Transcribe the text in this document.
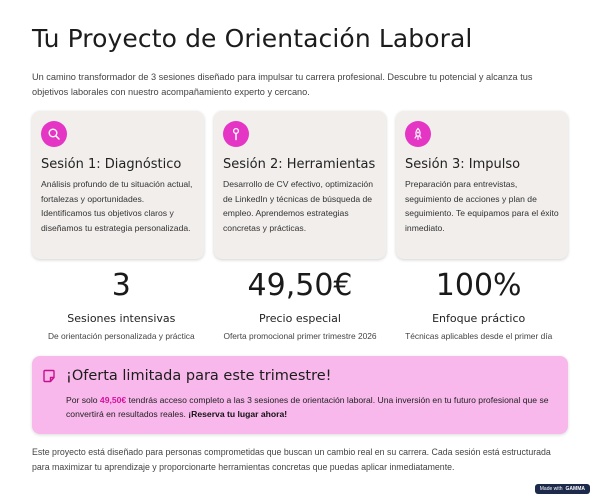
Tu Proyecto de Orientación Laboral

Un camino transformador de 3 sesiones diseñado para impulsar tu carrera profesional. Descubre tu potencial y alcanza tus objetivos laborales con nuestro acompañamiento experto y cercano.

Sesión 1: Diagnóstico
Análisis profundo de tu situación actual, fortalezas y oportunidades. Identificamos tus objetivos claros y diseñamos tu estrategia personalizada.
Sesión 2: Herramientas
Desarrollo de CV efectivo, optimización de LinkedIn y técnicas de búsqueda de empleo. Aprendemos estrategias concretas y prácticas.
Sesión 3: Impulso
Preparación para entrevistas, seguimiento de acciones y plan de seguimiento. Te equipamos para el éxito inmediato.
3
Sesiones intensivas
De orientación personalizada y práctica
49,50€
Precio especial
Oferta promocional primer trimestre 2026
100%
Enfoque práctico
Técnicas aplicables desde el primer día
¡Oferta limitada para este trimestre!

Por solo 49,50€ tendrás acceso completo a las 3 sesiones de orientación laboral. Una inversión en tu futuro profesional que se convertirá en resultados reales. ¡Reserva tu lugar ahora!

Este proyecto está diseñado para personas comprometidas que buscan un cambio real en su carrera. Cada sesión está estructurada para maximizar tu aprendizaje y proporcionarte herramientas concretas que puedas aplicar inmediatamente.

Made with GAMMA
